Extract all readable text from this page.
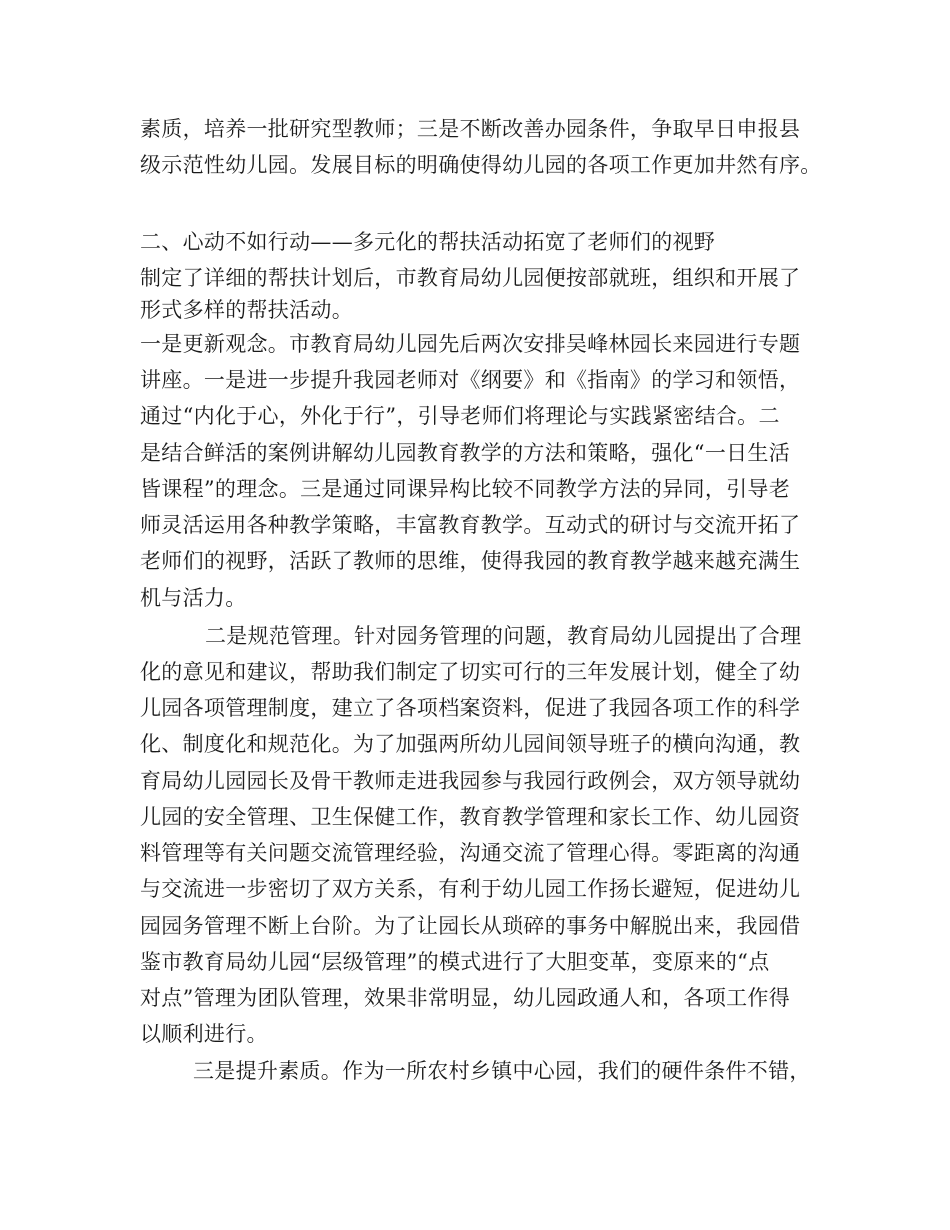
素质，培养一批研究型教师；三是不断改善办园条件，争取早日申报县

级示范性幼儿园。发展目标的明确使得幼儿园的各项工作更加井然有序。

二、心动不如行动——多元化的帮扶活动拓宽了老师们的视野

制定了详细的帮扶计划后，市教育局幼儿园便按部就班，组织和开展了

形式多样的帮扶活动。

一是更新观念。市教育局幼儿园先后两次安排吴峰林园长来园进行专题

讲座。一是进一步提升我园老师对《纲要》和《指南》的学习和领悟，

通过“内化于心，外化于行”，引导老师们将理论与实践紧密结合。二

是结合鲜活的案例讲解幼儿园教育教学的方法和策略，强化“一日生活

皆课程”的理念。三是通过同课异构比较不同教学方法的异同，引导老

师灵活运用各种教学策略，丰富教育教学。互动式的研讨与交流开拓了

老师们的视野，活跃了教师的思维，使得我园的教育教学越来越充满生

机与活力。

二是规范管理。针对园务管理的问题，教育局幼儿园提出了合理

化的意见和建议，帮助我们制定了切实可行的三年发展计划，健全了幼

儿园各项管理制度，建立了各项档案资料，促进了我园各项工作的科学

化、制度化和规范化。为了加强两所幼儿园间领导班子的横向沟通，教

育局幼儿园园长及骨干教师走进我园参与我园行政例会，双方领导就幼

儿园的安全管理、卫生保健工作，教育教学管理和家长工作、幼儿园资

料管理等有关问题交流管理经验，沟通交流了管理心得。零距离的沟通

与交流进一步密切了双方关系，有利于幼儿园工作扬长避短，促进幼儿

园园务管理不断上台阶。为了让园长从琐碎的事务中解脱出来，我园借

鉴市教育局幼儿园“层级管理”的模式进行了大胆变革，变原来的“点

对点”管理为团队管理，效果非常明显，幼儿园政通人和，各项工作得

以顺利进行。

三是提升素质。作为一所农村乡镇中心园，我们的硬件条件不错，
